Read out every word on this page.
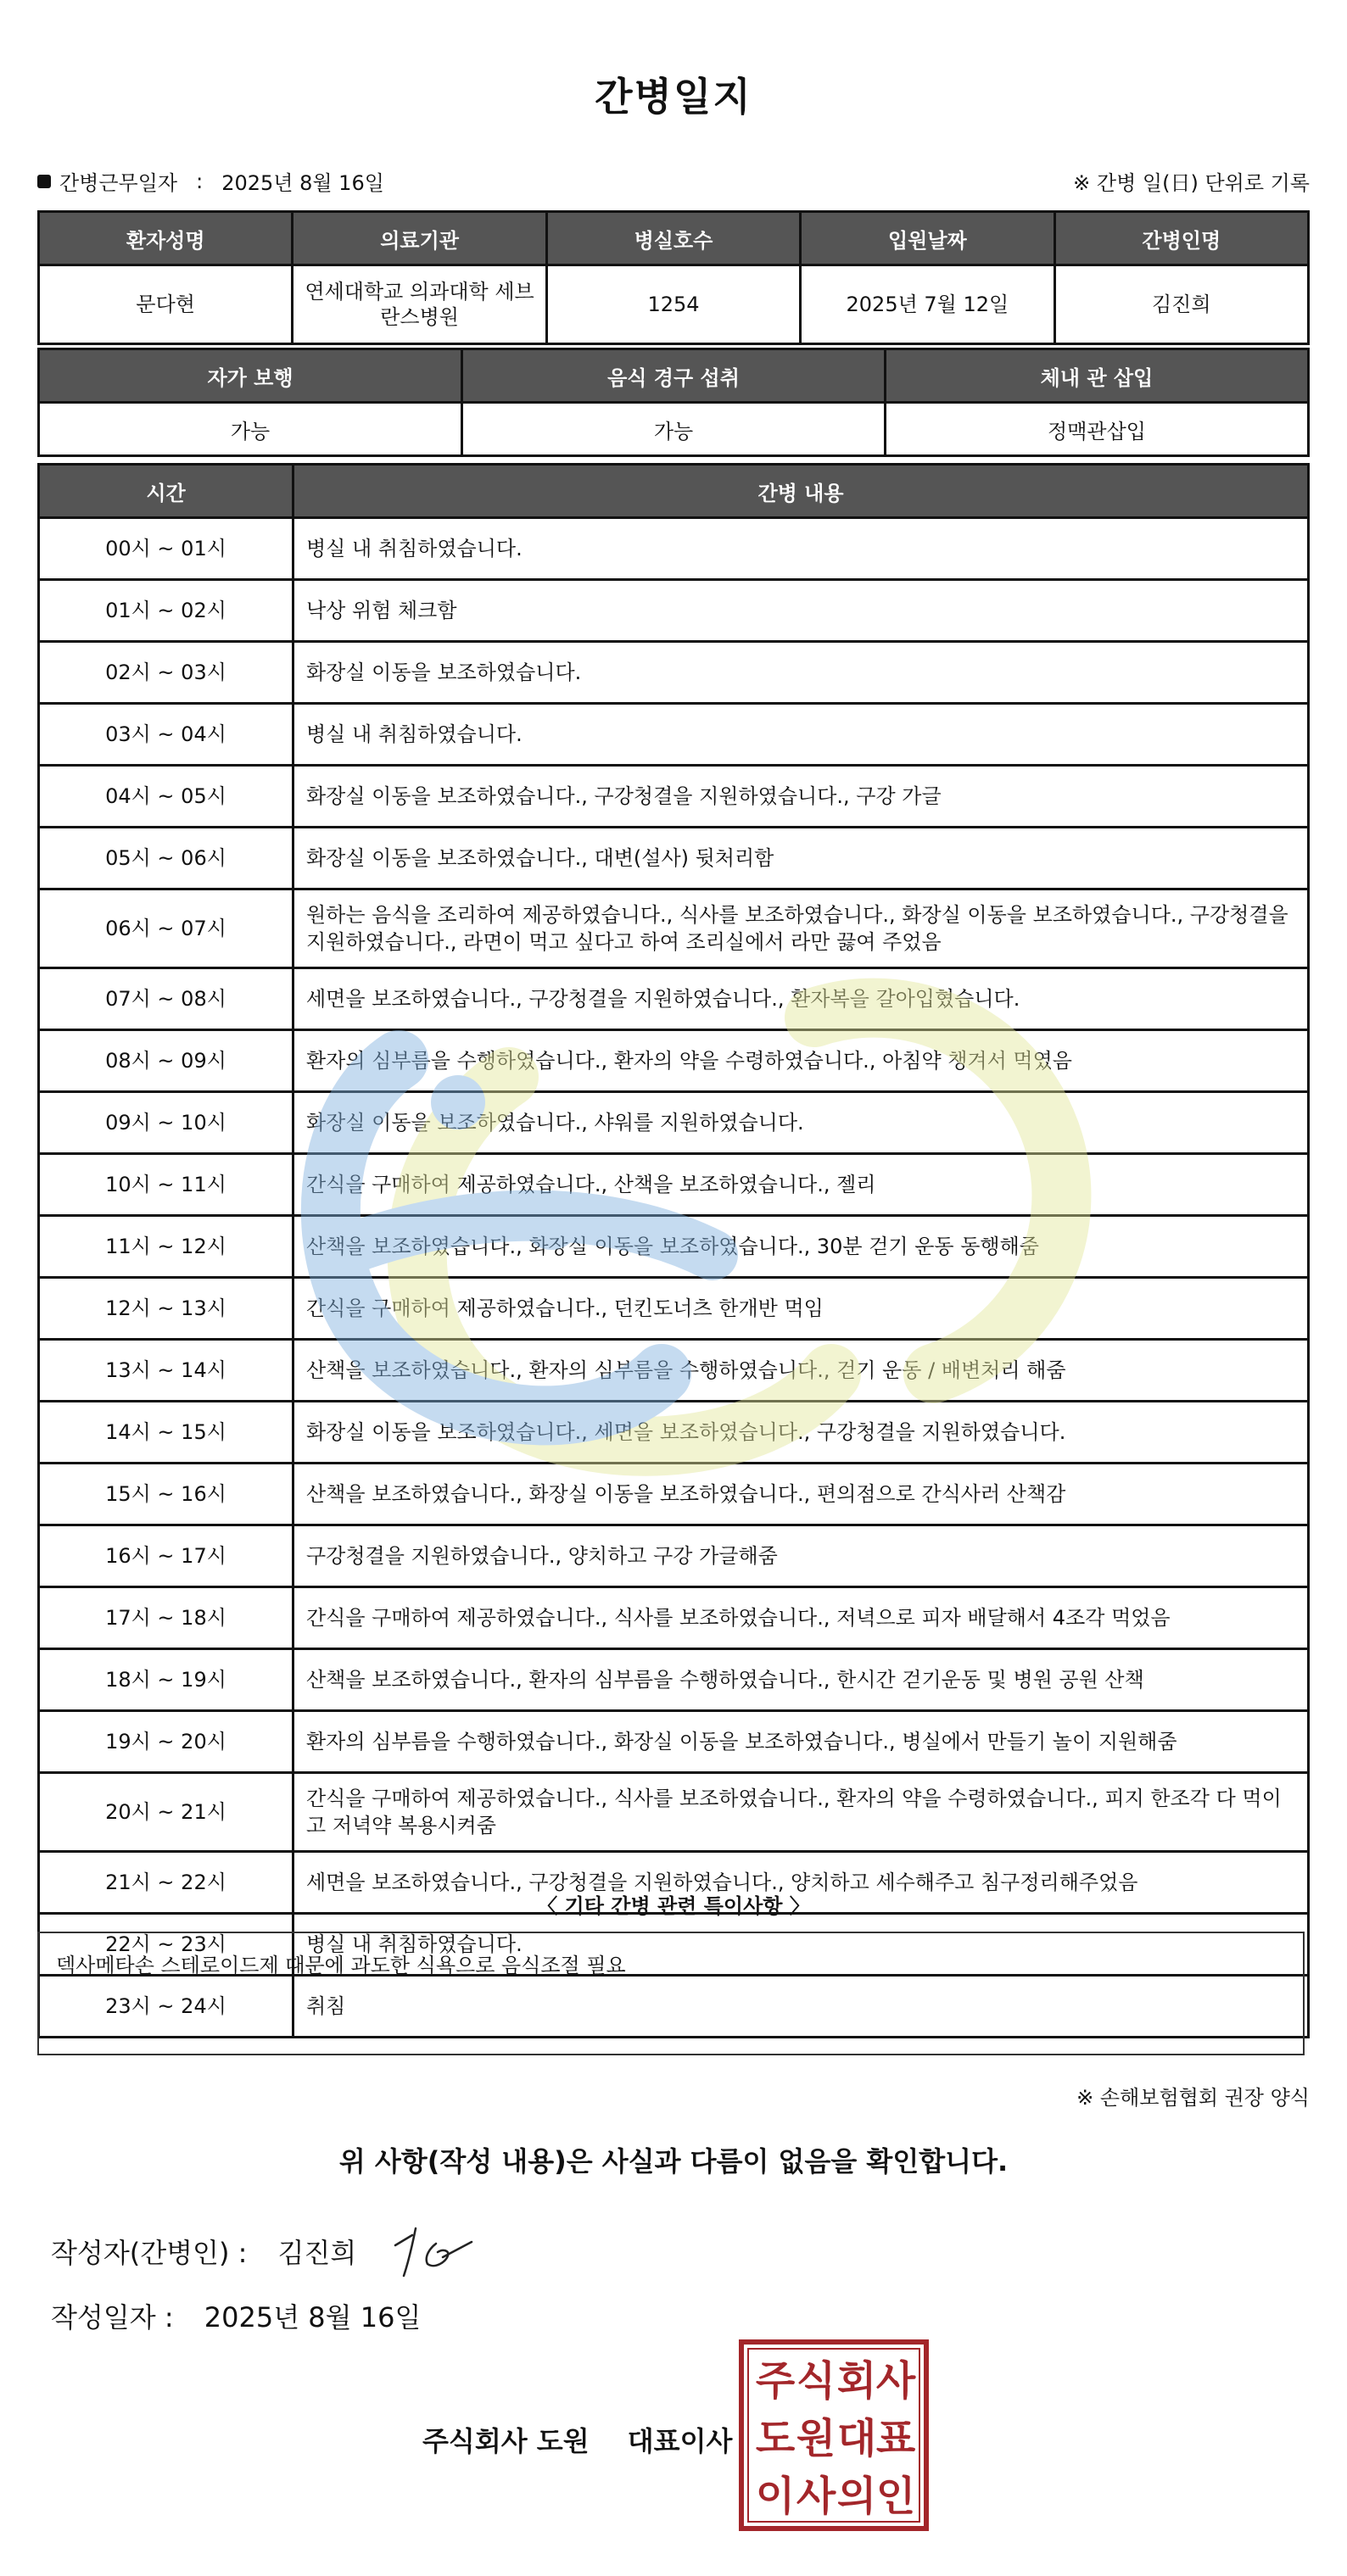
간병일지
간병근무일자 : 2025년 8월 16일	※ 간병 일(日) 단위로 기록
환자성명	의료기관	병실호수	입원날짜	간병인명
문다현	연세대학교 의과대학 세브란스병원	1254	2025년 7월 12일	김진희
자가 보행	음식 경구 섭취	체내 관 삽입
가능	가능	정맥관삽입
시간	간병 내용
00시 ~ 01시	병실 내 취침하였습니다.
01시 ~ 02시	낙상 위험 체크함
02시 ~ 03시	화장실 이동을 보조하였습니다.
03시 ~ 04시	병실 내 취침하였습니다.
04시 ~ 05시	화장실 이동을 보조하였습니다., 구강청결을 지원하였습니다., 구강 가글
05시 ~ 06시	화장실 이동을 보조하였습니다., 대변(설사) 뒷처리함
06시 ~ 07시	원하는 음식을 조리하여 제공하였습니다., 식사를 보조하였습니다., 화장실 이동을 보조하였습니다., 구강청결을 지원하였습니다., 라면이 먹고 싶다고 하여 조리실에서 라만 끓여 주었음
07시 ~ 08시	세면을 보조하였습니다., 구강청결을 지원하였습니다., 환자복을 갈아입혔습니다.
08시 ~ 09시	환자의 심부름을 수행하였습니다., 환자의 약을 수령하였습니다., 아침약 챙겨서 먹였음
09시 ~ 10시	화장실 이동을 보조하였습니다., 샤워를 지원하였습니다.
10시 ~ 11시	간식을 구매하여 제공하였습니다., 산책을 보조하였습니다., 젤리
11시 ~ 12시	산책을 보조하였습니다., 화장실 이동을 보조하였습니다., 30분 걷기 운동 동행해줌
12시 ~ 13시	간식을 구매하여 제공하였습니다., 던킨도너츠 한개반 먹임
13시 ~ 14시	산책을 보조하였습니다., 환자의 심부름을 수행하였습니다., 걷기 운동 / 배변처리 해줌
14시 ~ 15시	화장실 이동을 보조하였습니다., 세면을 보조하였습니다., 구강청결을 지원하였습니다.
15시 ~ 16시	산책을 보조하였습니다., 화장실 이동을 보조하였습니다., 편의점으로 간식사러 산책감
16시 ~ 17시	구강청결을 지원하였습니다., 양치하고 구강 가글해줌
17시 ~ 18시	간식을 구매하여 제공하였습니다., 식사를 보조하였습니다., 저녁으로 피자 배달해서 4조각 먹었음
18시 ~ 19시	산책을 보조하였습니다., 환자의 심부름을 수행하였습니다., 한시간 걷기운동 및 병원 공원 산책
19시 ~ 20시	환자의 심부름을 수행하였습니다., 화장실 이동을 보조하였습니다., 병실에서 만들기 놀이 지원해줌
20시 ~ 21시	간식을 구매하여 제공하였습니다., 식사를 보조하였습니다., 환자의 약을 수령하였습니다., 피지 한조각 다 먹이고 저녁약 복용시켜줌
21시 ~ 22시	세면을 보조하였습니다., 구강청결을 지원하였습니다., 양치하고 세수해주고 침구정리해주었음
22시 ~ 23시	병실 내 취침하였습니다.
23시 ~ 24시	취침
〈 기타 간병 관련 특이사항 〉
덱사메타손 스테로이드제 때문에 과도한 식욕으로 음식조절 필요
※ 손해보험협회 권장 양식
위 사항(작성 내용)은 사실과 다름이 없음을 확인합니다.
작성자(간병인) : 김진희
작성일자 : 2025년 8월 16일
주식회사 도원 대표이사
주 식 회 사
도 원 대 표
이 사 의 인
